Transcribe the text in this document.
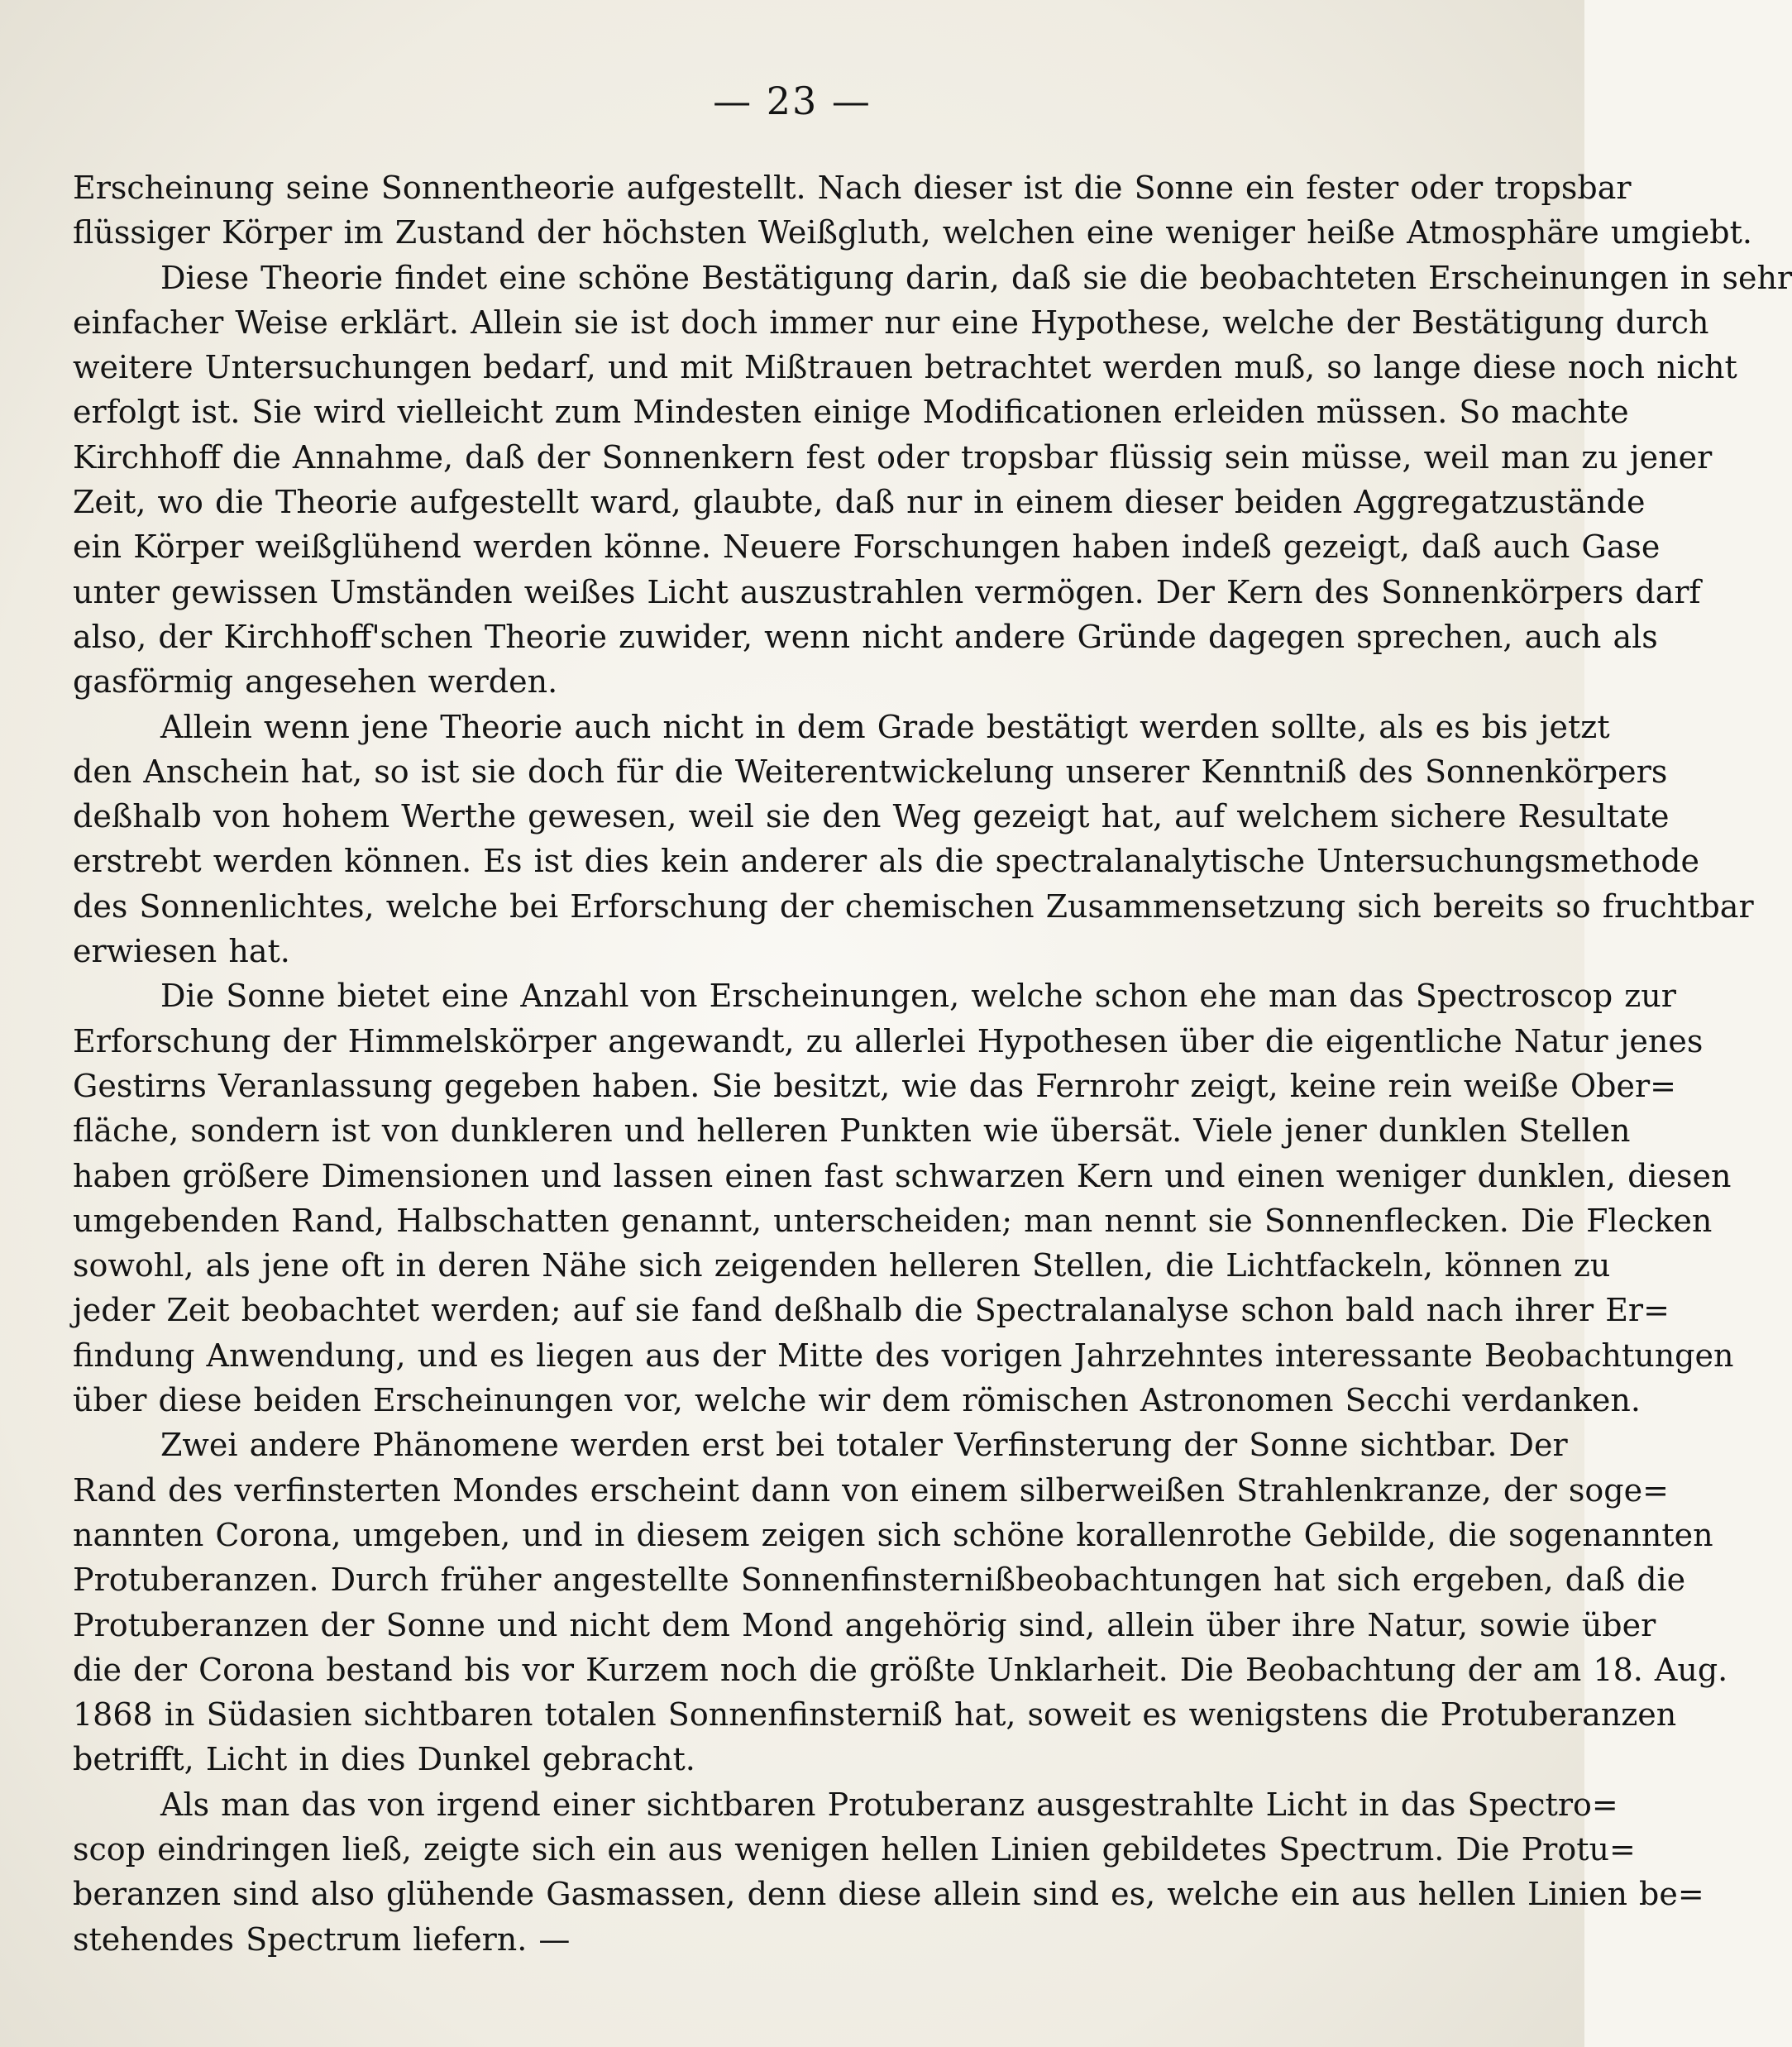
— 23 —
Erscheinung seine Sonnentheorie aufgestellt. Nach dieser ist die Sonne ein fester oder tropsbar
flüssiger Körper im Zustand der höchsten Weißgluth, welchen eine weniger heiße Atmosphäre umgiebt.
Diese Theorie findet eine schöne Bestätigung darin, daß sie die beobachteten Erscheinungen in sehr
einfacher Weise erklärt. Allein sie ist doch immer nur eine Hypothese, welche der Bestätigung durch
weitere Untersuchungen bedarf, und mit Mißtrauen betrachtet werden muß, so lange diese noch nicht
erfolgt ist. Sie wird vielleicht zum Mindesten einige Modificationen erleiden müssen. So machte
Kirchhoff die Annahme, daß der Sonnenkern fest oder tropsbar flüssig sein müsse, weil man zu jener
Zeit, wo die Theorie aufgestellt ward, glaubte, daß nur in einem dieser beiden Aggregatzustände
ein Körper weißglühend werden könne. Neuere Forschungen haben indeß gezeigt, daß auch Gase
unter gewissen Umständen weißes Licht auszustrahlen vermögen. Der Kern des Sonnenkörpers darf
also, der Kirchhoff'schen Theorie zuwider, wenn nicht andere Gründe dagegen sprechen, auch als
gasförmig angesehen werden.
Allein wenn jene Theorie auch nicht in dem Grade bestätigt werden sollte, als es bis jetzt
den Anschein hat, so ist sie doch für die Weiterentwickelung unserer Kenntniß des Sonnenkörpers
deßhalb von hohem Werthe gewesen, weil sie den Weg gezeigt hat, auf welchem sichere Resultate
erstrebt werden können. Es ist dies kein anderer als die spectralanalytische Untersuchungsmethode
des Sonnenlichtes, welche bei Erforschung der chemischen Zusammensetzung sich bereits so fruchtbar
erwiesen hat.
Die Sonne bietet eine Anzahl von Erscheinungen, welche schon ehe man das Spectroscop zur
Erforschung der Himmelskörper angewandt, zu allerlei Hypothesen über die eigentliche Natur jenes
Gestirns Veranlassung gegeben haben. Sie besitzt, wie das Fernrohr zeigt, keine rein weiße Ober=
fläche, sondern ist von dunkleren und helleren Punkten wie übersät. Viele jener dunklen Stellen
haben größere Dimensionen und lassen einen fast schwarzen Kern und einen weniger dunklen, diesen
umgebenden Rand, Halbschatten genannt, unterscheiden; man nennt sie Sonnenflecken. Die Flecken
sowohl, als jene oft in deren Nähe sich zeigenden helleren Stellen, die Lichtfackeln, können zu
jeder Zeit beobachtet werden; auf sie fand deßhalb die Spectralanalyse schon bald nach ihrer Er=
findung Anwendung, und es liegen aus der Mitte des vorigen Jahrzehntes interessante Beobachtungen
über diese beiden Erscheinungen vor, welche wir dem römischen Astronomen Secchi verdanken.
Zwei andere Phänomene werden erst bei totaler Verfinsterung der Sonne sichtbar. Der
Rand des verfinsterten Mondes erscheint dann von einem silberweißen Strahlenkranze, der soge=
nannten Corona, umgeben, und in diesem zeigen sich schöne korallenrothe Gebilde, die sogenannten
Protuberanzen. Durch früher angestellte Sonnenfinsternißbeobachtungen hat sich ergeben, daß die
Protuberanzen der Sonne und nicht dem Mond angehörig sind, allein über ihre Natur, sowie über
die der Corona bestand bis vor Kurzem noch die größte Unklarheit. Die Beobachtung der am 18. Aug.
1868 in Südasien sichtbaren totalen Sonnenfinsterniß hat, soweit es wenigstens die Protuberanzen
betrifft, Licht in dies Dunkel gebracht.
Als man das von irgend einer sichtbaren Protuberanz ausgestrahlte Licht in das Spectro=
scop eindringen ließ, zeigte sich ein aus wenigen hellen Linien gebildetes Spectrum. Die Protu=
beranzen sind also glühende Gasmassen, denn diese allein sind es, welche ein aus hellen Linien be=
stehendes Spectrum liefern. —
